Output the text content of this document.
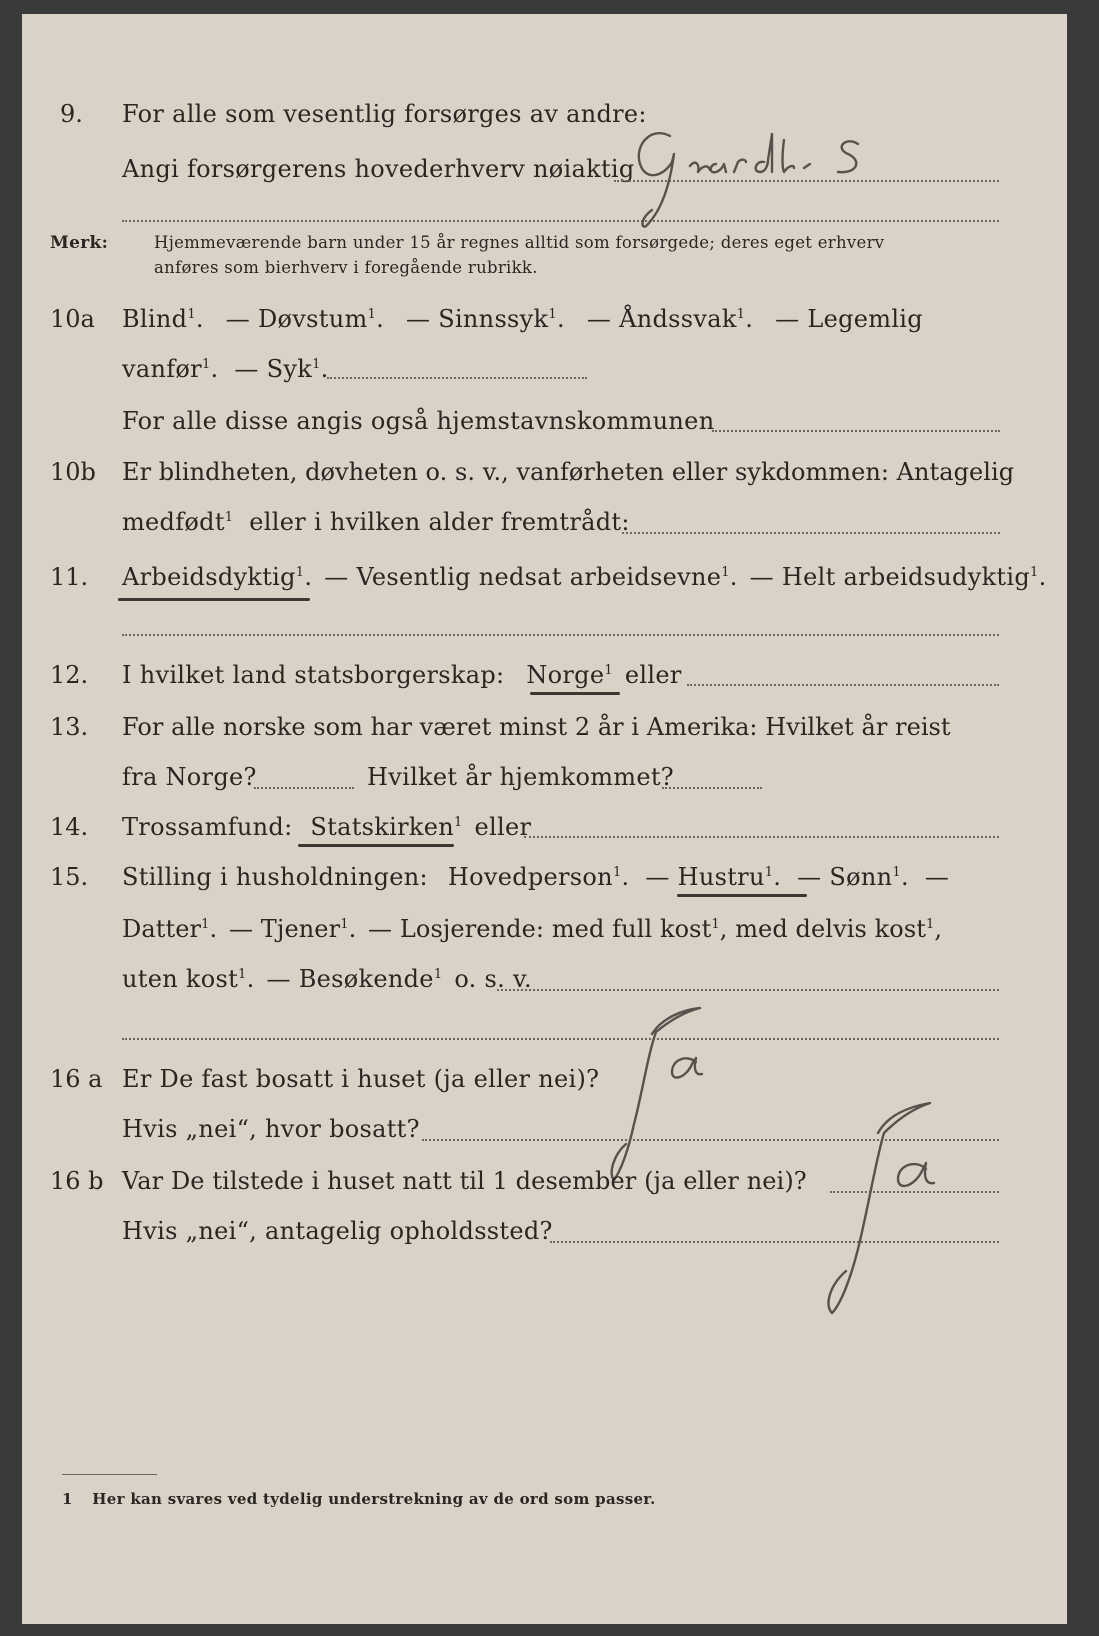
9. For alle som vesentlig forsørges av andre:
Angi forsørgerens hovederhverv nøiaktig
Merk:	Hjemmeværende barn under 15 år regnes alltid som forsørgede; deres eget erhverv
anføres som bierhverv i foregående rubrikk.
10a Blind$^1$. — Døvstum$^1$. — Sinnssyk$^1$. — Åndssvak$^1$. — Legemlig
vanfør$^1$. — Syk$^1$.
For alle disse angis også hjemstavnskommunen
10b Er blindheten, døvheten o. s. v., vanførheten eller sykdommen: Antagelig
medfødt$^1$ eller i hvilken alder fremtrådt:
11. Arbeidsdyktig$^1$. — Vesentlig nedsat arbeidsevne$^1$. — Helt arbeidsudyktig$^1$.
12. I hvilket land statsborgerskap: Norge$^1$ eller
13. For alle norske som har været minst 2 år i Amerika: Hvilket år reist
fra Norge?	Hvilket år hjemkommet?
14. Trossamfund: Statskirken$^1$ eller
15. Stilling i husholdningen: Hovedperson$^1$. — Hustru$^1$. — Sønn$^1$. —
Datter$^1$. — Tjener$^1$. — Losjerende: med full kost$^1$, med delvis kost$^1$,
uten kost$^1$. — Besøkende$^1$ o. s. v.
16 a Er De fast bosatt i huset (ja eller nei)?
Hvis „nei“, hvor bosatt?
16 b Var De tilstede i huset natt til 1 desember (ja eller nei)?
Hvis „nei“, antagelig opholdssted?
1 Her kan svares ved tydelig understrekning av de ord som passer.
